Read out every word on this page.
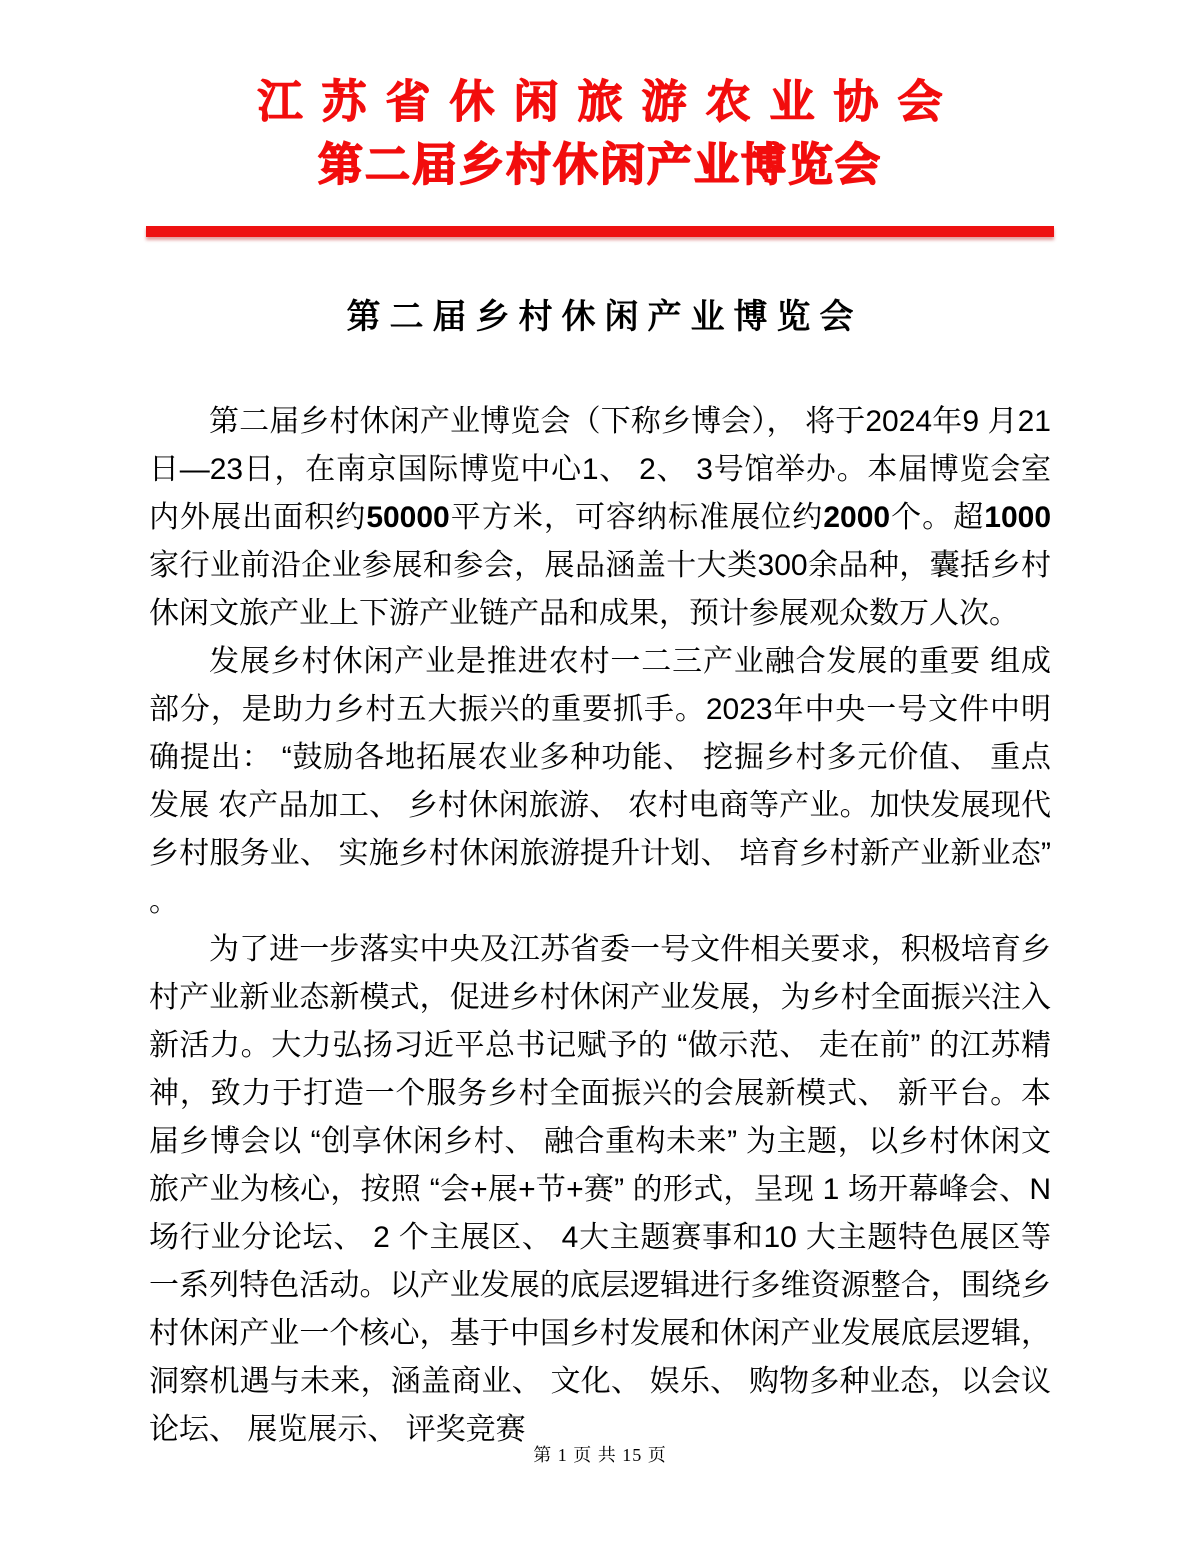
江苏省休闲旅游农业协会
第二届乡村休闲产业博览会
第二届乡村休闲产业博览会

第二届乡村休闲产业博览会（下称乡博会）， 将于2024年9 月21日—23日，在南京国际博览中心1、 2、 3号馆举办。本届博览会室　内外展出面积约50000平方米，可容纳标准展位约2000个。超1000家行业前沿企业参展和参会，展品涵盖十大类300余品种，囊括乡村休闲文旅产业上下游产业链产品和成果，预计参展观众数万人次。

发展乡村休闲产业是推进农村一二三产业融合发展的重要 组成部分，是助力乡村五大振兴的重要抓手。2023年中央一号文件中明 确提出： “鼓励各地拓展农业多种功能、 挖掘乡村多元价值、 重点发展 农产品加工、 乡村休闲旅游、 农村电商等产业。加快发展现代乡村服务业、 实施乡村休闲旅游提升计划、 培育乡村新产业新业态” 。

为了进一步落实中央及江苏省委一号文件相关要求，积极培育乡村产业新业态新模式，促进乡村休闲产业发展，为乡村全面振兴注入新活力。大力弘扬习近平总书记赋予的 “做示范、 走在前” 的江苏精神，致力于打造一个服务乡村全面振兴的会展新模式、 新平台。本届乡博会以 “创享休闲乡村、 融合重构未来” 为主题，以乡村休闲文旅产业为核心，按照 “会+展+节+赛” 的形式，呈现 1 场开幕峰会、N 场行业分论坛、 2 个主展区、 4大主题赛事和10 大主题特色展区等 一系列特色活动。以产业发展的底层逻辑进行多维资源整合，围绕乡村休闲产业一个核心，基于中国乡村发展和休闲产业发展底层逻辑，洞察机遇与未来，涵盖商业、 文化、 娱乐、 购物多种业态，以会议论坛、 展览展示、 评奖竞赛

第 1 页 共 15 页
